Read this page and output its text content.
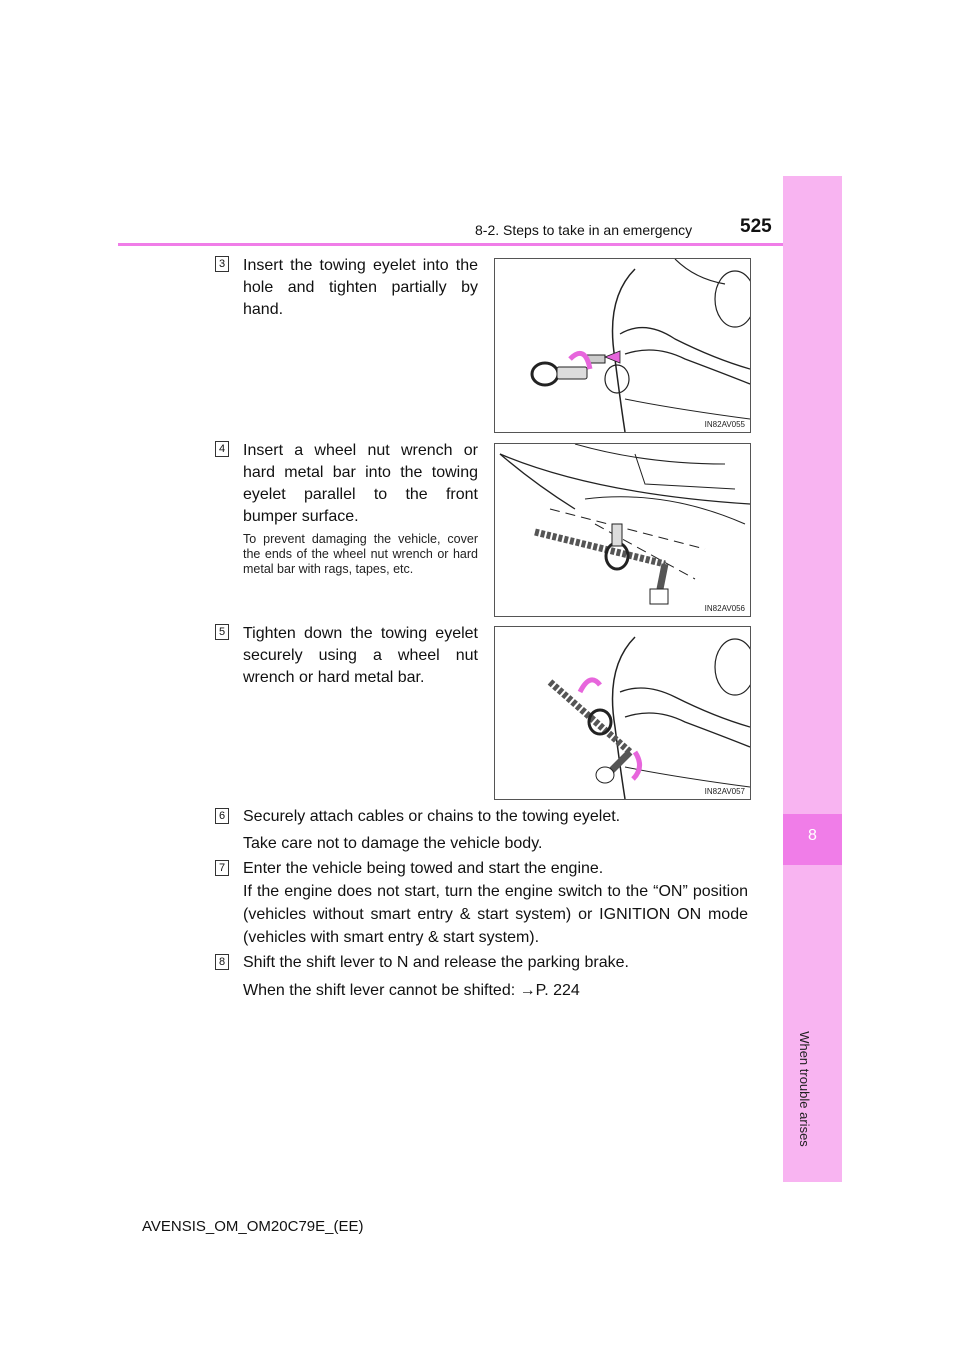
8-2. Steps to take in an emergency	525
8
When trouble arises
3 Insert the towing eyelet into the hole and tighten partially by hand.
IN82AV055
4 Insert a wheel nut wrench or hard metal bar into the towing eyelet parallel to the front bumper surface.
To prevent damaging the vehicle, cover the ends of the wheel nut wrench or hard metal bar with rags, tapes, etc.
IN82AV056
5 Tighten down the towing eyelet securely using a wheel nut wrench or hard metal bar.
IN82AV057
6 Securely attach cables or chains to the towing eyelet.
Take care not to damage the vehicle body.
7 Enter the vehicle being towed and start the engine.
If the engine does not start, turn the engine switch to the “ON” position (vehicles without smart entry & start system) or IGNITION ON mode (vehicles with smart entry & start system).
8 Shift the shift lever to N and release the parking brake.
When the shift lever cannot be shifted: →P. 224
AVENSIS_OM_OM20C79E_(EE)
